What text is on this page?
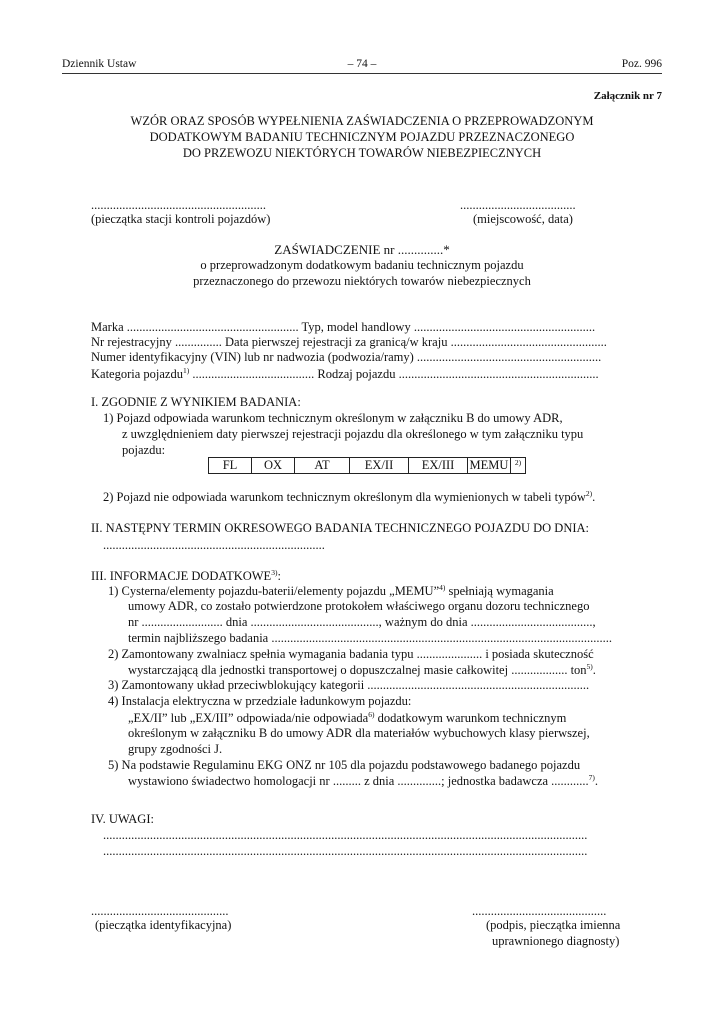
Dziennik Ustaw	– 74 –	Poz. 996
Załącznik nr 7
WZÓR ORAZ SPOSÓB WYPEŁNIENIA ZAŚWIADCZENIA O PRZEPROWADZONYM
DODATKOWYM BADANIU TECHNICZNYM POJAZDU PRZEZNACZONEGO
DO PRZEWOZU NIEKTÓRYCH TOWARÓW NIEBEZPIECZNYCH
........................................................
(pieczątka stacji kontroli pojazdów)
.....................................
(miejscowość, data)
ZAŚWIADCZENIE nr ..............*
o przeprowadzonym dodatkowym badaniu technicznym pojazdu
przeznaczonego do przewozu niektórych towarów niebezpiecznych
Marka ....................................................... Typ, model handlowy ..........................................................
Nr rejestracyjny ............... Data pierwszej rejestracji za granicą/w kraju ..................................................
Numer identyfikacyjny (VIN) lub nr nadwozia (podwozia/ramy) ...........................................................
Kategoria pojazdu$^{1)}$ ....................................... Rodzaj pojazdu ................................................................
I. ZGODNIE Z WYNIKIEM BADANIA:
1) Pojazd odpowiada warunkom technicznym określonym w załączniku B do umowy ADR,
z uwzględnieniem daty pierwszej rejestracji pojazdu dla określonego w tym załączniku typu
pojazdu:
FL	OX	AT	EX/II	EX/III	MEMU	2)
2) Pojazd nie odpowiada warunkom technicznym określonym dla wymienionych w tabeli typów$^{2)}$.
II. NASTĘPNY TERMIN OKRESOWEGO BADANIA TECHNICZNEGO POJAZDU DO DNIA:
.......................................................................
III. INFORMACJE DODATKOWE$^{3)}$:
1) Cysterna/elementy pojazdu-baterii/elementy pojazdu „MEMU”$^{4)}$ spełniają wymagania
umowy ADR, co zostało potwierdzone protokołem właściwego organu dozoru technicznego
nr .......................... dnia ........................................., ważnym do dnia .......................................,
termin najbliższego badania .............................................................................................................
2) Zamontowany zwalniacz spełnia wymagania badania typu ..................... i posiada skuteczność
wystarczającą dla jednostki transportowej o dopuszczalnej masie całkowitej .................. ton$^{5)}$.
3) Zamontowany układ przeciwblokujący kategorii .......................................................................
4) Instalacja elektryczna w przedziale ładunkowym pojazdu:
„EX/II” lub „EX/III” odpowiada/nie odpowiada$^{6)}$ dodatkowym warunkom technicznym
określonym w załączniku B do umowy ADR dla materiałów wybuchowych klasy pierwszej,
grupy zgodności J.
5) Na podstawie Regulaminu EKG ONZ nr 105 dla pojazdu podstawowego badanego pojazdu
wystawiono świadectwo homologacji nr ......... z dnia ..............; jednostka badawcza ............$^{7)}$.
IV. UWAGI:
...........................................................................................................................................................
...........................................................................................................................................................
............................................
(pieczątka identyfikacyjna)
...........................................
(podpis, pieczątka imienna
uprawnionego diagnosty)
